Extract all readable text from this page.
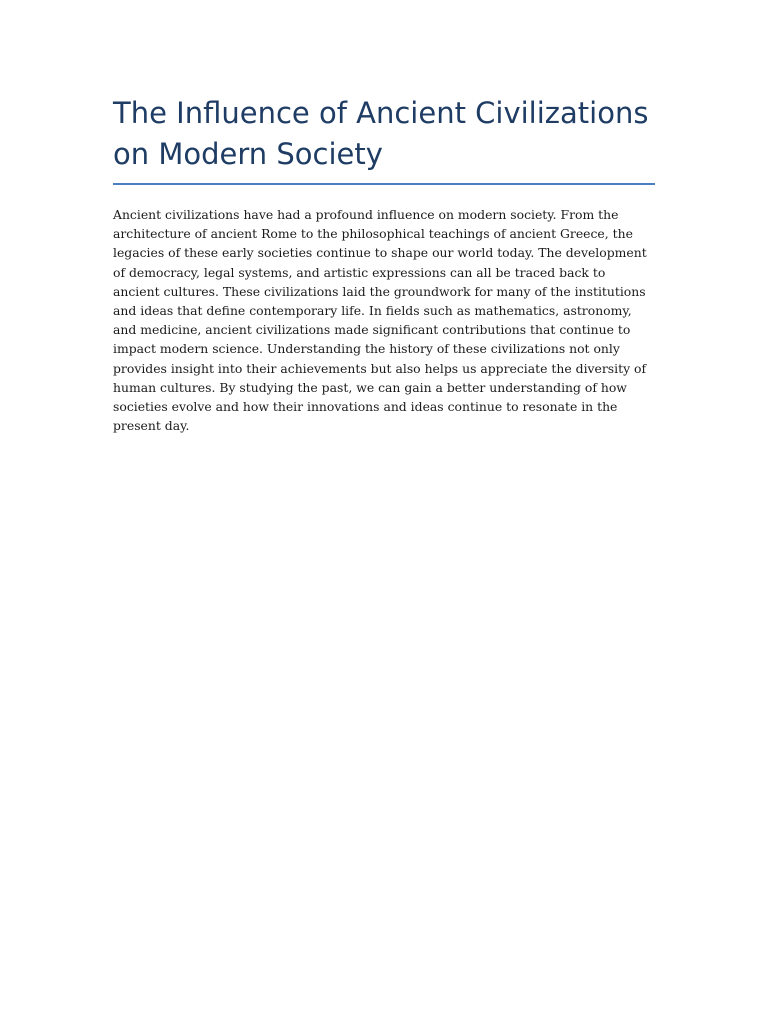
The Influence of Ancient Civilizations on Modern Society

Ancient civilizations have had a profound influence on modern society. From the architecture of ancient Rome to the philosophical teachings of ancient Greece, the legacies of these early societies continue to shape our world today. The development of democracy, legal systems, and artistic expressions can all be traced back to ancient cultures. These civilizations laid the groundwork for many of the institutions and ideas that define contemporary life. In fields such as mathematics, astronomy, and medicine, ancient civilizations made significant contributions that continue to impact modern science. Understanding the history of these civilizations not only provides insight into their achievements but also helps us appreciate the diversity of human cultures. By studying the past, we can gain a better understanding of how societies evolve and how their innovations and ideas continue to resonate in the present day.
